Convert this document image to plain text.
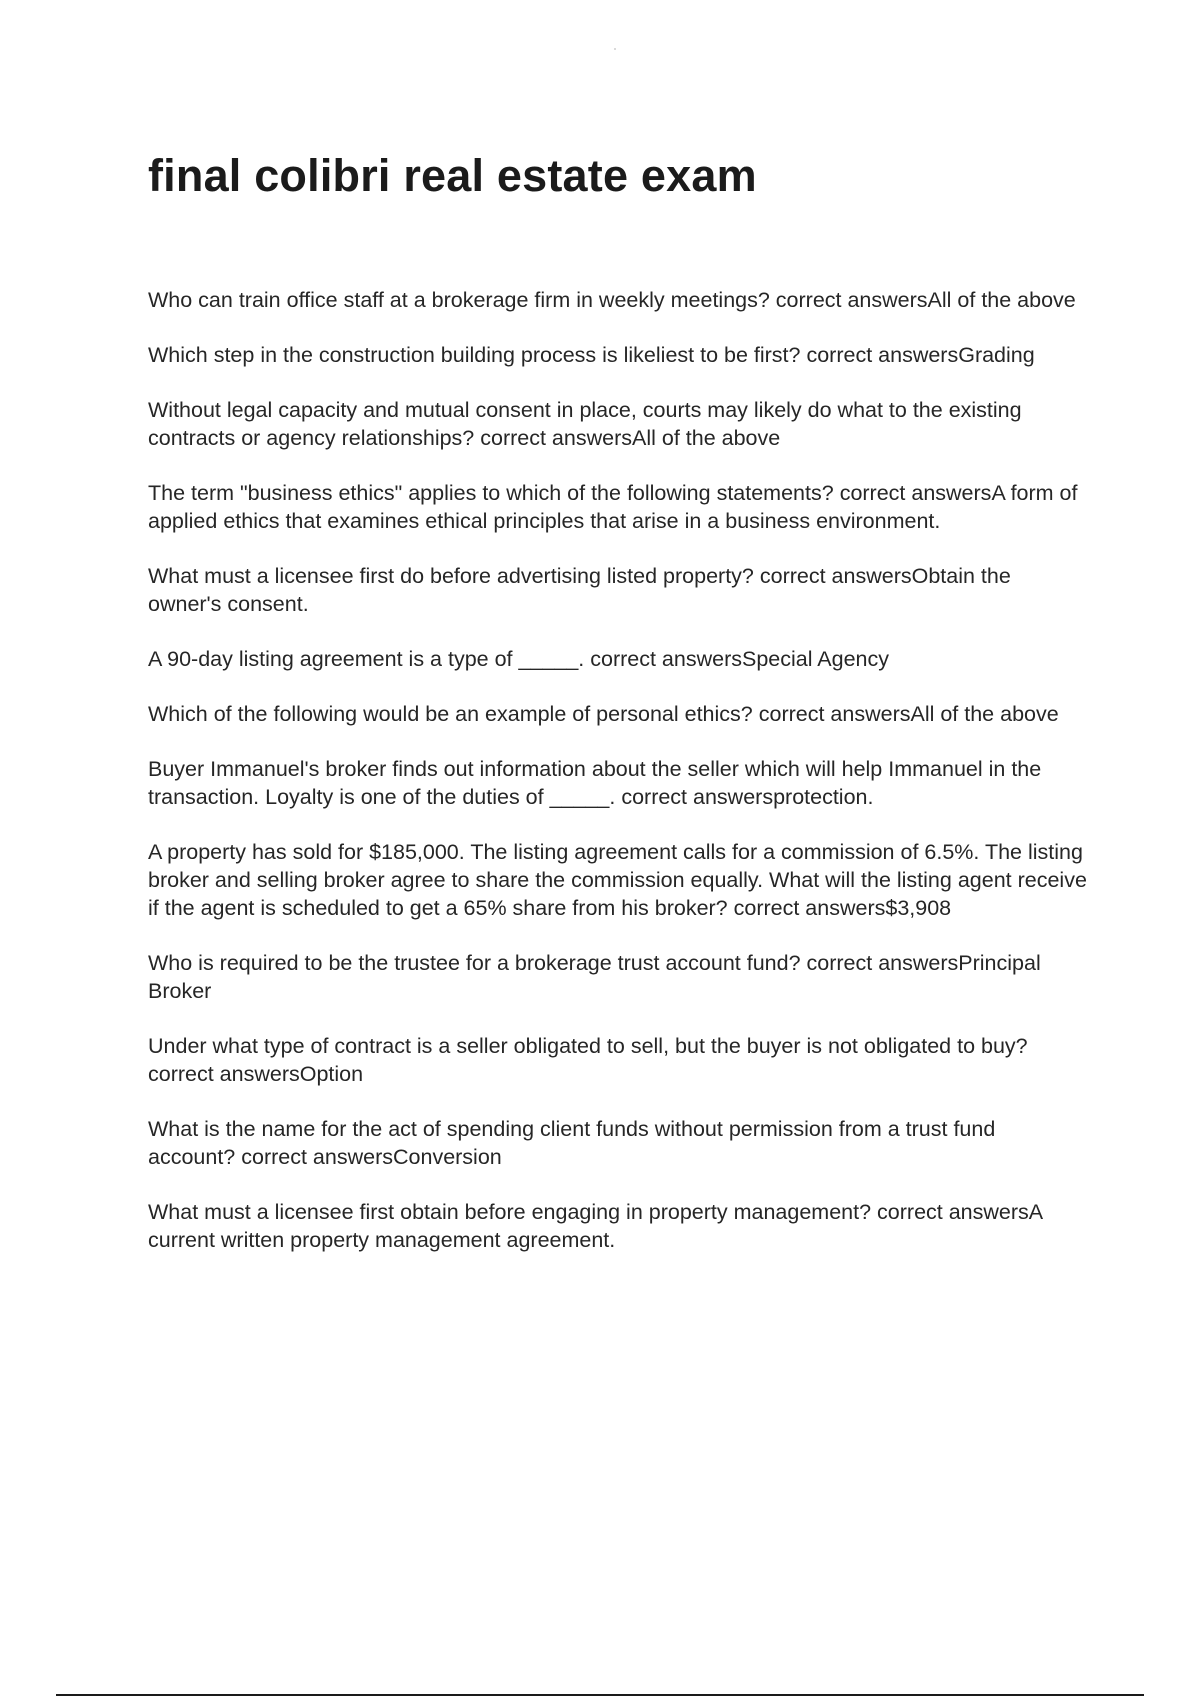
final colibri real estate exam
Who can train office staff at a brokerage firm in weekly meetings? correct answersAll of the above
Which step in the construction building process is likeliest to be first? correct answersGrading
Without legal capacity and mutual consent in place, courts may likely do what to the existing contracts or agency relationships? correct answersAll of the above
The term "business ethics" applies to which of the following statements? correct answersA form of applied ethics that examines ethical principles that arise in a business environment.
What must a licensee first do before advertising listed property? correct answersObtain the owner's consent.
A 90-day listing agreement is a type of _____. correct answersSpecial Agency
Which of the following would be an example of personal ethics? correct answersAll of the above
Buyer Immanuel's broker finds out information about the seller which will help Immanuel in the transaction. Loyalty is one of the duties of _____. correct answersprotection.
A property has sold for $185,000. The listing agreement calls for a commission of 6.5%. The listing broker and selling broker agree to share the commission equally. What will the listing agent receive if the agent is scheduled to get a 65% share from his broker? correct answers$3,908
Who is required to be the trustee for a brokerage trust account fund? correct answersPrincipal Broker
Under what type of contract is a seller obligated to sell, but the buyer is not obligated to buy? correct answersOption
What is the name for the act of spending client funds without permission from a trust fund account? correct answersConversion
What must a licensee first obtain before engaging in property management? correct answersA current written property management agreement.
